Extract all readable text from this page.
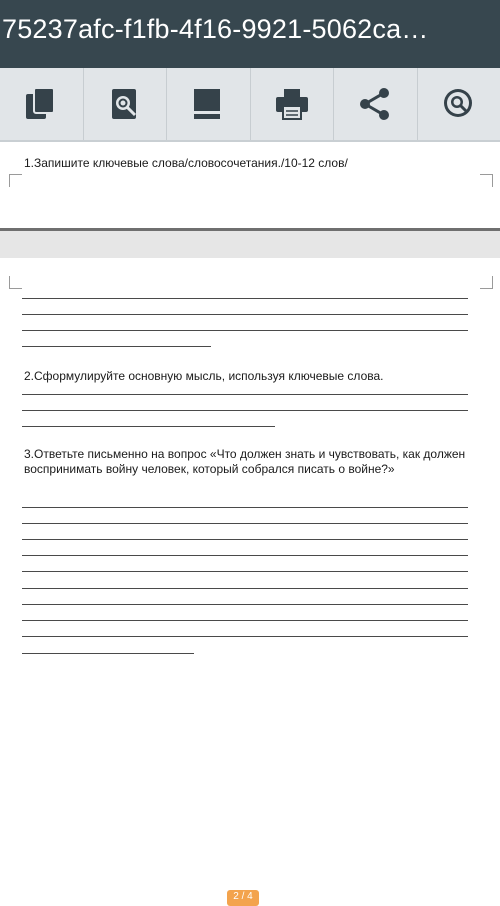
75237afc-f1fb-4f16-9921-5062ca…
1.Запишите ключевые слова/словосочетания./10-12 слов/
2.Сформулируйте основную мысль, используя ключевые слова.
3.Ответьте письменно на вопрос «Что должен знать и чувствовать, как должен воспринимать войну человек, который собрался писать о войне?»
2 / 4
